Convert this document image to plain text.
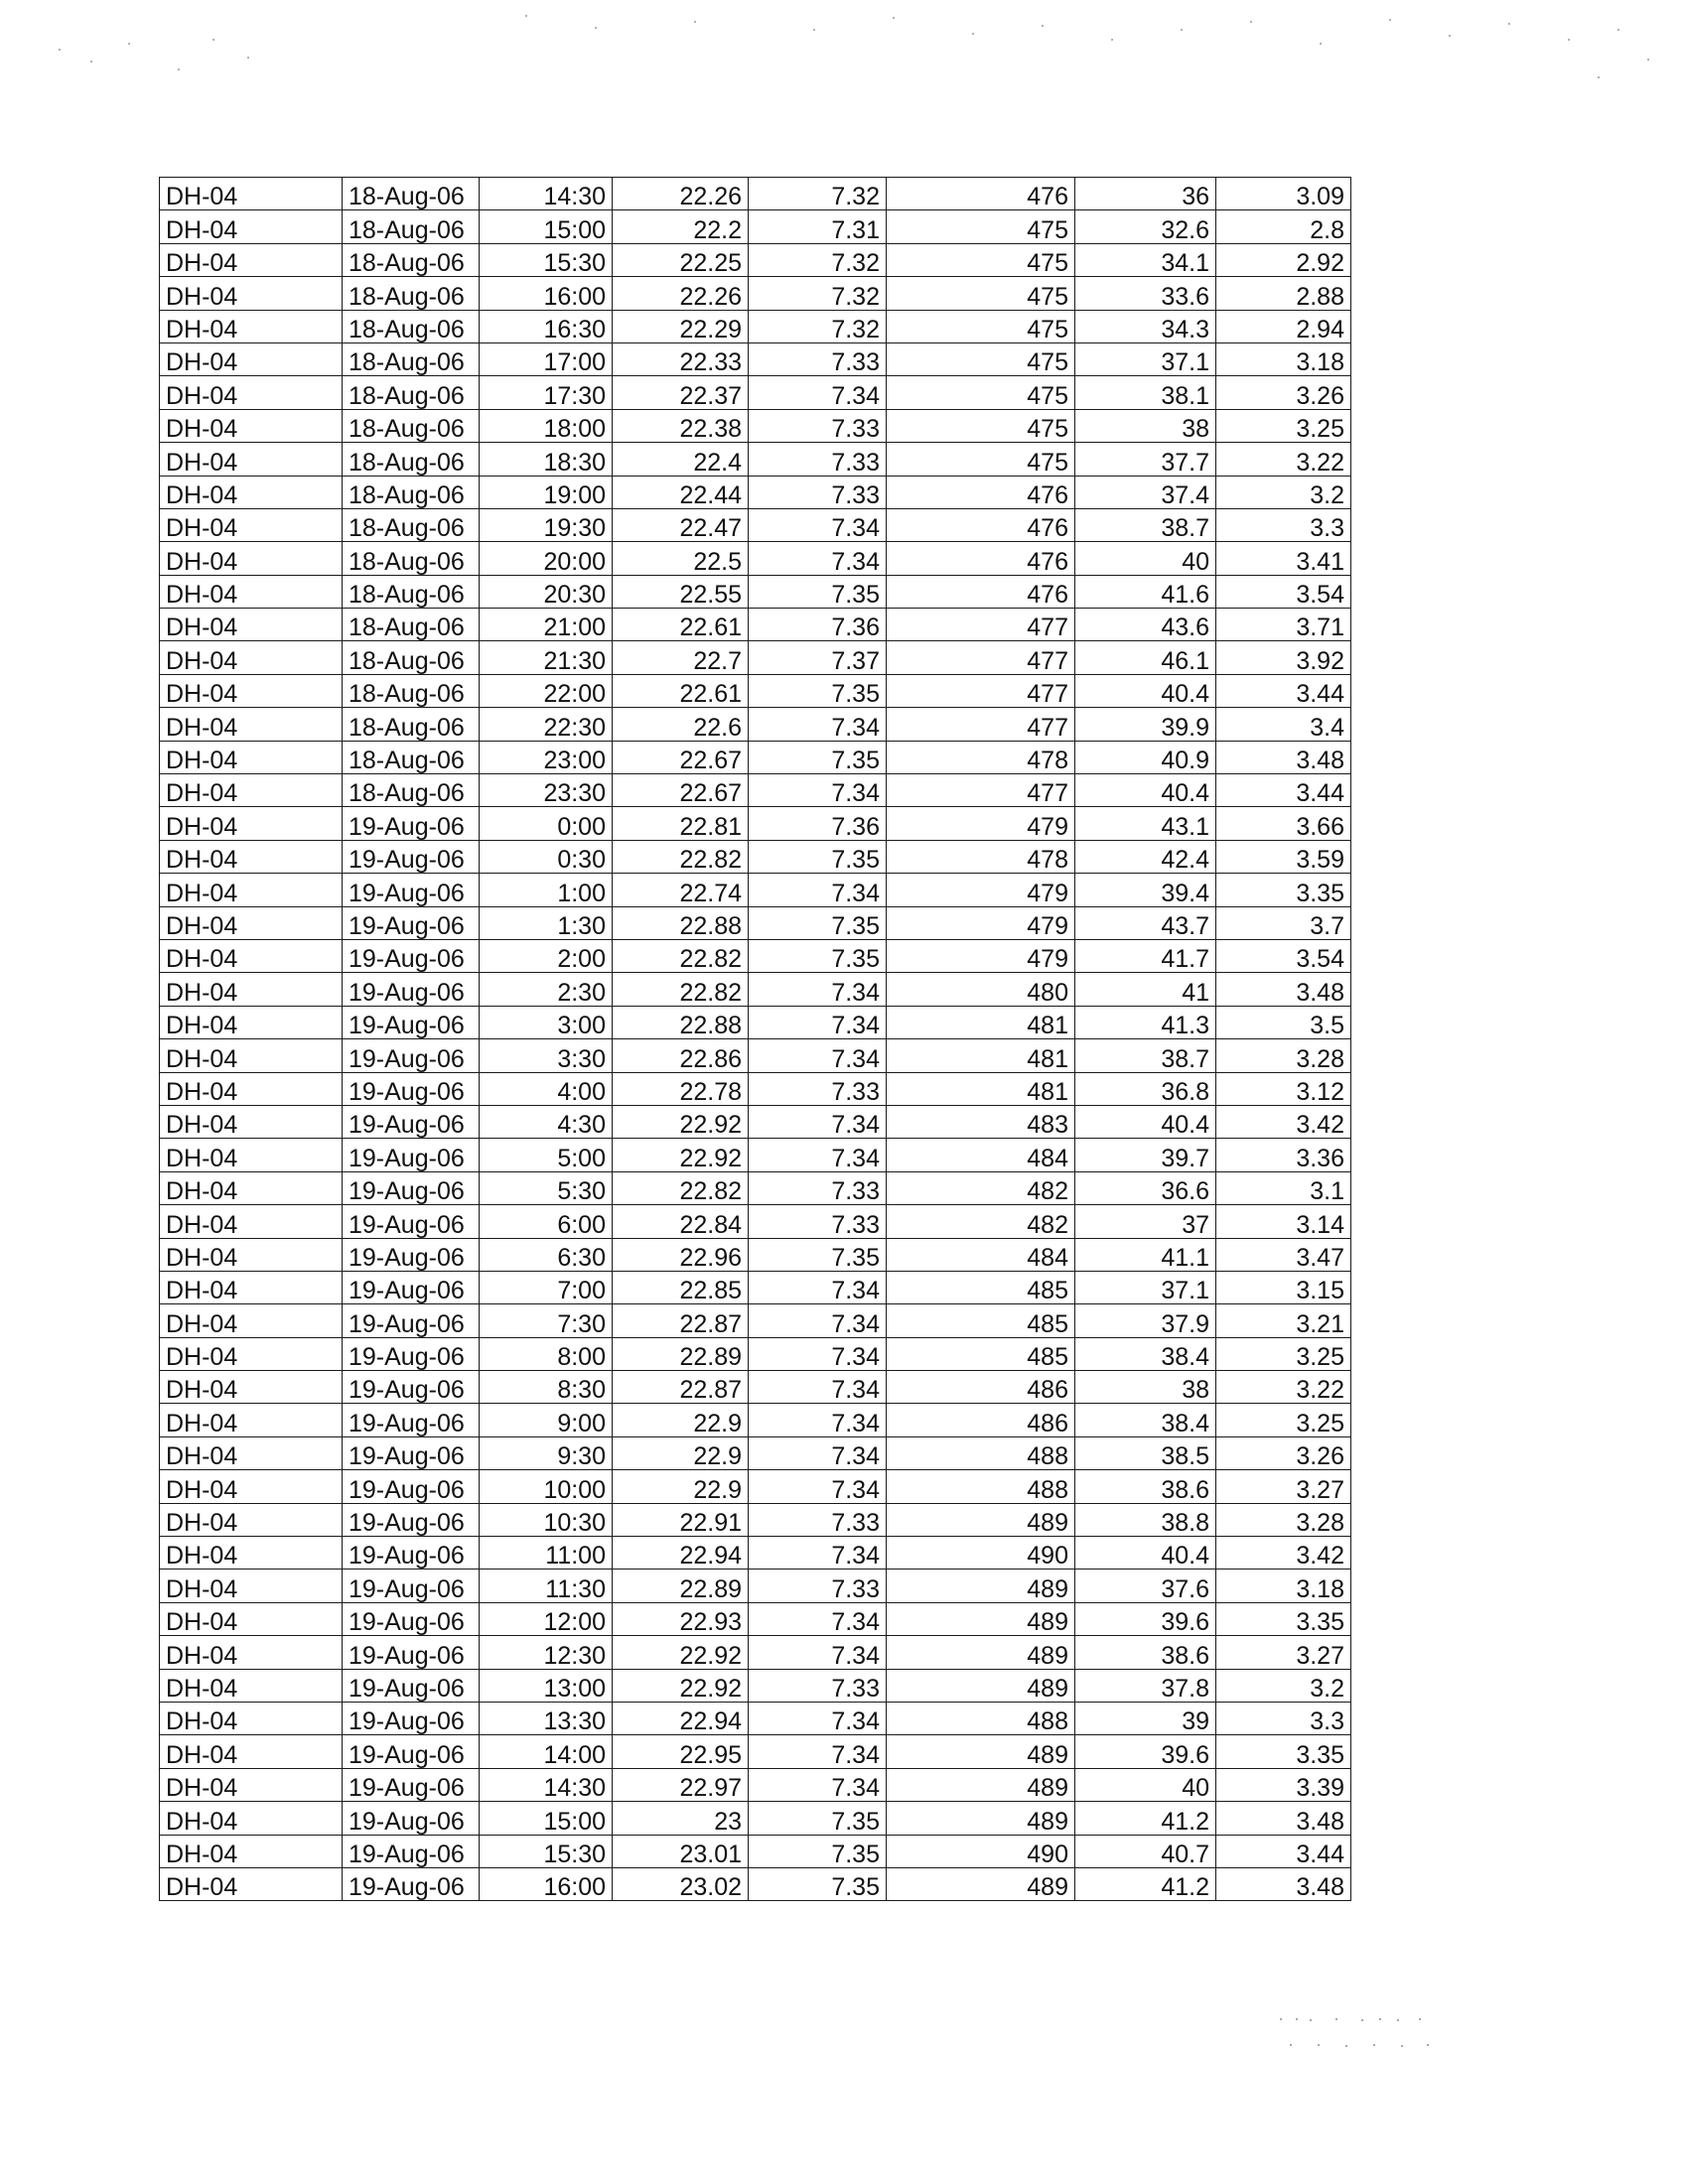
DH-04	18-Aug-06	14:30	22.26	7.32	476	36	3.09
DH-04	18-Aug-06	15:00	22.2	7.31	475	32.6	2.8
DH-04	18-Aug-06	15:30	22.25	7.32	475	34.1	2.92
DH-04	18-Aug-06	16:00	22.26	7.32	475	33.6	2.88
DH-04	18-Aug-06	16:30	22.29	7.32	475	34.3	2.94
DH-04	18-Aug-06	17:00	22.33	7.33	475	37.1	3.18
DH-04	18-Aug-06	17:30	22.37	7.34	475	38.1	3.26
DH-04	18-Aug-06	18:00	22.38	7.33	475	38	3.25
DH-04	18-Aug-06	18:30	22.4	7.33	475	37.7	3.22
DH-04	18-Aug-06	19:00	22.44	7.33	476	37.4	3.2
DH-04	18-Aug-06	19:30	22.47	7.34	476	38.7	3.3
DH-04	18-Aug-06	20:00	22.5	7.34	476	40	3.41
DH-04	18-Aug-06	20:30	22.55	7.35	476	41.6	3.54
DH-04	18-Aug-06	21:00	22.61	7.36	477	43.6	3.71
DH-04	18-Aug-06	21:30	22.7	7.37	477	46.1	3.92
DH-04	18-Aug-06	22:00	22.61	7.35	477	40.4	3.44
DH-04	18-Aug-06	22:30	22.6	7.34	477	39.9	3.4
DH-04	18-Aug-06	23:00	22.67	7.35	478	40.9	3.48
DH-04	18-Aug-06	23:30	22.67	7.34	477	40.4	3.44
DH-04	19-Aug-06	0:00	22.81	7.36	479	43.1	3.66
DH-04	19-Aug-06	0:30	22.82	7.35	478	42.4	3.59
DH-04	19-Aug-06	1:00	22.74	7.34	479	39.4	3.35
DH-04	19-Aug-06	1:30	22.88	7.35	479	43.7	3.7
DH-04	19-Aug-06	2:00	22.82	7.35	479	41.7	3.54
DH-04	19-Aug-06	2:30	22.82	7.34	480	41	3.48
DH-04	19-Aug-06	3:00	22.88	7.34	481	41.3	3.5
DH-04	19-Aug-06	3:30	22.86	7.34	481	38.7	3.28
DH-04	19-Aug-06	4:00	22.78	7.33	481	36.8	3.12
DH-04	19-Aug-06	4:30	22.92	7.34	483	40.4	3.42
DH-04	19-Aug-06	5:00	22.92	7.34	484	39.7	3.36
DH-04	19-Aug-06	5:30	22.82	7.33	482	36.6	3.1
DH-04	19-Aug-06	6:00	22.84	7.33	482	37	3.14
DH-04	19-Aug-06	6:30	22.96	7.35	484	41.1	3.47
DH-04	19-Aug-06	7:00	22.85	7.34	485	37.1	3.15
DH-04	19-Aug-06	7:30	22.87	7.34	485	37.9	3.21
DH-04	19-Aug-06	8:00	22.89	7.34	485	38.4	3.25
DH-04	19-Aug-06	8:30	22.87	7.34	486	38	3.22
DH-04	19-Aug-06	9:00	22.9	7.34	486	38.4	3.25
DH-04	19-Aug-06	9:30	22.9	7.34	488	38.5	3.26
DH-04	19-Aug-06	10:00	22.9	7.34	488	38.6	3.27
DH-04	19-Aug-06	10:30	22.91	7.33	489	38.8	3.28
DH-04	19-Aug-06	11:00	22.94	7.34	490	40.4	3.42
DH-04	19-Aug-06	11:30	22.89	7.33	489	37.6	3.18
DH-04	19-Aug-06	12:00	22.93	7.34	489	39.6	3.35
DH-04	19-Aug-06	12:30	22.92	7.34	489	38.6	3.27
DH-04	19-Aug-06	13:00	22.92	7.33	489	37.8	3.2
DH-04	19-Aug-06	13:30	22.94	7.34	488	39	3.3
DH-04	19-Aug-06	14:00	22.95	7.34	489	39.6	3.35
DH-04	19-Aug-06	14:30	22.97	7.34	489	40	3.39
DH-04	19-Aug-06	15:00	23	7.35	489	41.2	3.48
DH-04	19-Aug-06	15:30	23.01	7.35	490	40.7	3.44
DH-04	19-Aug-06	16:00	23.02	7.35	489	41.2	3.48
